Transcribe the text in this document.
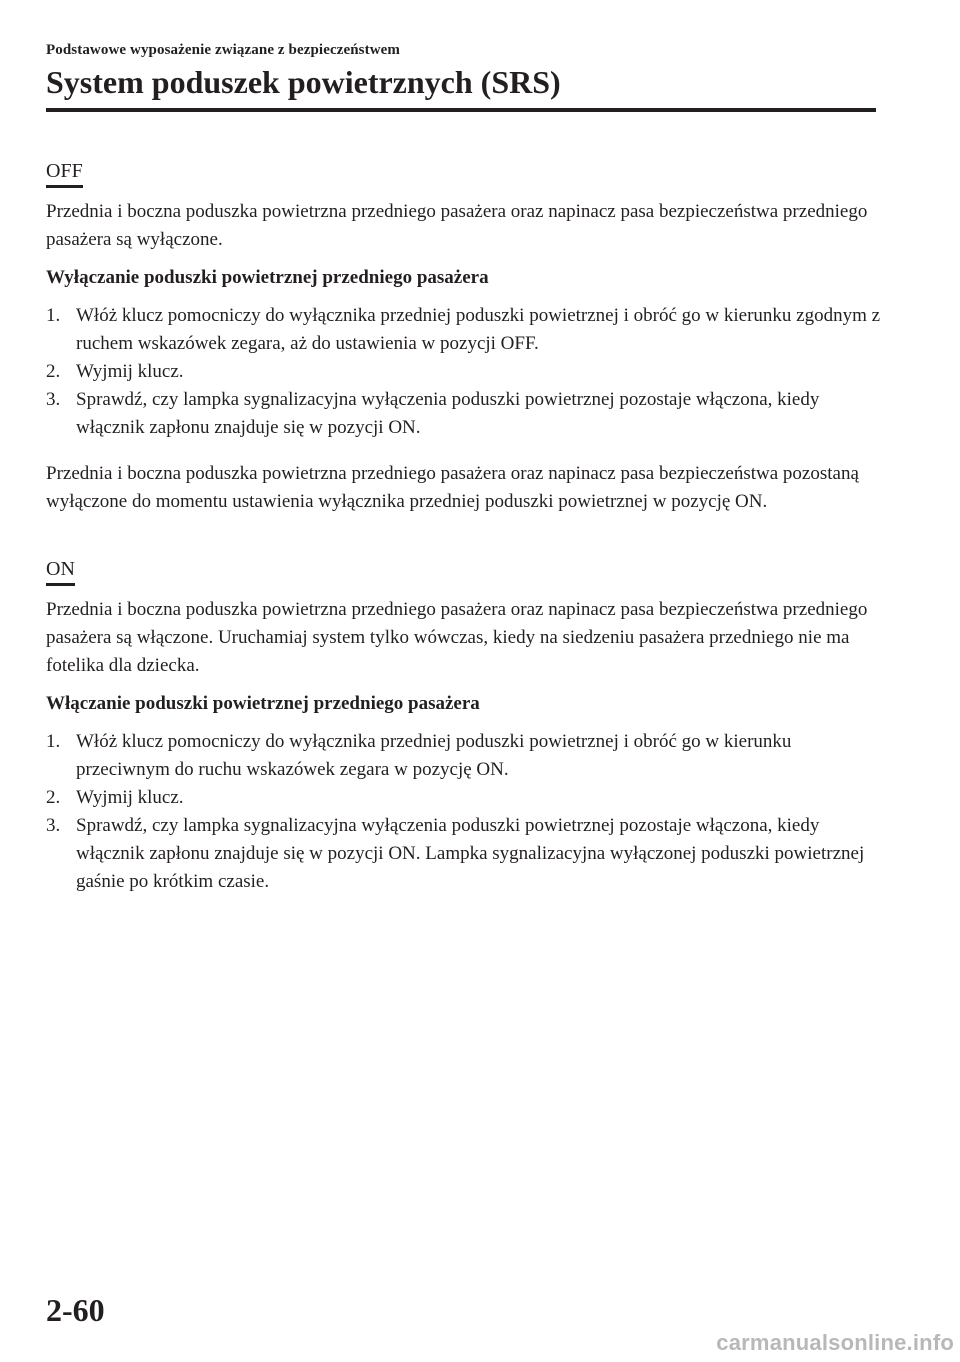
Podstawowe wyposażenie związane z bezpieczeństwem
System poduszek powietrznych (SRS)
OFF

Przednia i boczna poduszka powietrzna przedniego pasażera oraz napinacz pasa bezpieczeństwa przedniego pasażera są wyłączone.

Wyłączanie poduszki powietrznej przedniego pasażera
1. Włóż klucz pomocniczy do wyłącznika przedniej poduszki powietrznej i obróć go w kierunku zgodnym z ruchem wskazówek zegara, aż do ustawienia w pozycji OFF.
2. Wyjmij klucz.
3. Sprawdź, czy lampka sygnalizacyjna wyłączenia poduszki powietrznej pozostaje włączona, kiedy włącznik zapłonu znajduje się w pozycji ON.

Przednia i boczna poduszka powietrzna przedniego pasażera oraz napinacz pasa bezpieczeństwa pozostaną wyłączone do momentu ustawienia wyłącznika przedniej poduszki powietrznej w pozycję ON.

ON

Przednia i boczna poduszka powietrzna przedniego pasażera oraz napinacz pasa bezpieczeństwa przedniego pasażera są włączone. Uruchamiaj system tylko wówczas, kiedy na siedzeniu pasażera przedniego nie ma fotelika dla dziecka.

Włączanie poduszki powietrznej przedniego pasażera
1. Włóż klucz pomocniczy do wyłącznika przedniej poduszki powietrznej i obróć go w kierunku przeciwnym do ruchu wskazówek zegara w pozycję ON.
2. Wyjmij klucz.
3. Sprawdź, czy lampka sygnalizacyjna wyłączenia poduszki powietrznej pozostaje włączona, kiedy włącznik zapłonu znajduje się w pozycji ON. Lampka sygnalizacyjna wyłączonej poduszki powietrznej gaśnie po krótkim czasie.
2-60
carmanualsonline.info
